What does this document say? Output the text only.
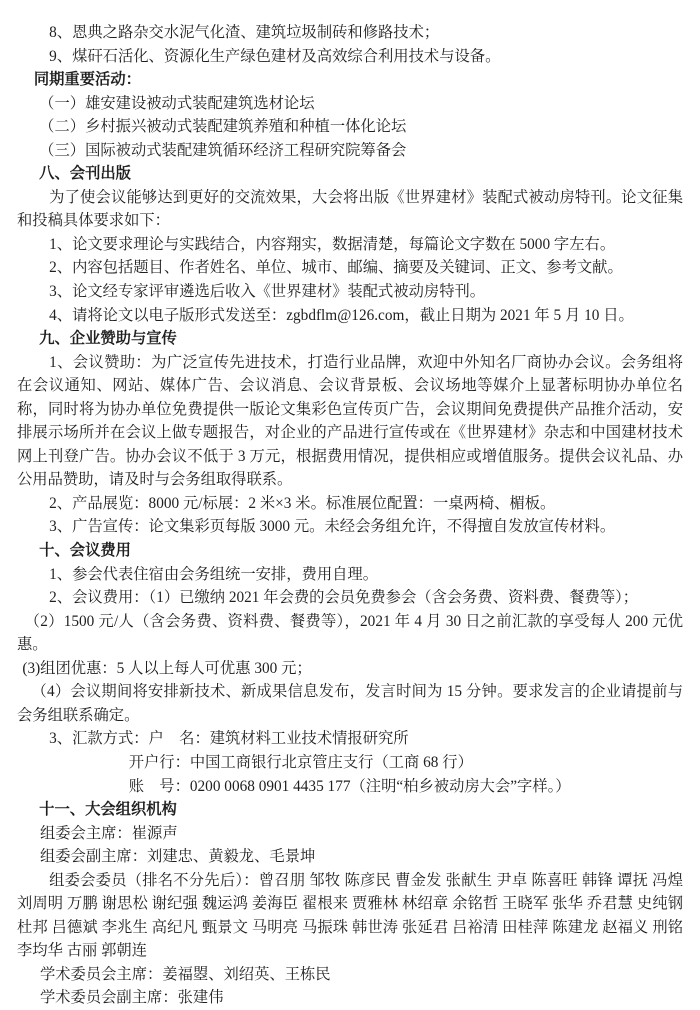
8、恩典之路杂交水泥气化渣、建筑垃圾制砖和修路技术；

9、煤矸石活化、资源化生产绿色建材及高效综合利用技术与设备。

同期重要活动：

（一）雄安建设被动式装配建筑选材论坛

（二）乡村振兴被动式装配建筑养殖和种植一体化论坛

（三）国际被动式装配建筑循环经济工程研究院筹备会

八、会刊出版

为了使会议能够达到更好的交流效果，大会将出版《世界建材》装配式被动房特刊。论文征集和投稿具体要求如下：

1、论文要求理论与实践结合，内容翔实，数据清楚，每篇论文字数在 5000 字左右。

2、内容包括题目、作者姓名、单位、城市、邮编、摘要及关键词、正文、参考文献。

3、论文经专家评审遴选后收入《世界建材》装配式被动房特刊。

4、请将论文以电子版形式发送至：zgbdflm@126.com，截止日期为 2021 年 5 月 10 日。

九、企业赞助与宣传

1、会议赞助：为广泛宣传先进技术，打造行业品牌，欢迎中外知名厂商协办会议。会务组将在会议通知、网站、媒体广告、会议消息、会议背景板、会议场地等媒介上显著标明协办单位名称，同时将为协办单位免费提供一版论文集彩色宣传页广告，会议期间免费提供产品推介活动，安排展示场所并在会议上做专题报告，对企业的产品进行宣传或在《世界建材》杂志和中国建材技术网上刊登广告。协办会议不低于 3 万元，根据费用情况，提供相应或增值服务。提供会议礼品、办公用品赞助，请及时与会务组取得联系。

2、产品展览：8000 元/标展：2 米×3 米。标准展位配置：一桌两椅、楣板。

3、广告宣传：论文集彩页每版 3000 元。未经会务组允许，不得擅自发放宣传材料。

十、会议费用

1、参会代表住宿由会务组统一安排，费用自理。

2、会议费用：（1）已缴纳 2021 年会费的会员免费参会（含会务费、资料费、餐费等）；

（2）1500 元/人（含会务费、资料费、餐费等），2021 年 4 月 30 日之前汇款的享受每人 200 元优惠。

(3)组团优惠：5 人以上每人可优惠 300 元；

（4）会议期间将安排新技术、新成果信息发布，发言时间为 15 分钟。要求发言的企业请提前与会务组联系确定。

3、汇款方式：户　名：建筑材料工业技术情报研究所

开户行：中国工商银行北京管庄支行（工商 68 行）

账　号：0200 0068 0901 4435 177（注明“柏乡被动房大会”字样。）

十一、大会组织机构

组委会主席：崔源声

组委会副主席：刘建忠、黄毅龙、毛景坤

组委会委员（排名不分先后）：曾召朋 邹牧 陈彦民 曹金发 张献生 尹卓 陈喜旺 韩锋 谭抚 冯煌 刘周明 万鹏 谢思松 谢纪强 魏运鸿 姜海臣 翟根来 贾雅林 林绍章 余铭哲 王晓军 张华 乔君慧 史纯钢 杜邦 吕德斌 李兆生 高纪凡 甄景文 马明亮 马振珠 韩世涛 张延君 吕裕清 田桂萍 陈建龙 赵福义 刑铭 李均华 古丽 郭朝连

学术委员会主席：姜福曌、刘绍英、王栋民

学术委员会副主席：张建伟
